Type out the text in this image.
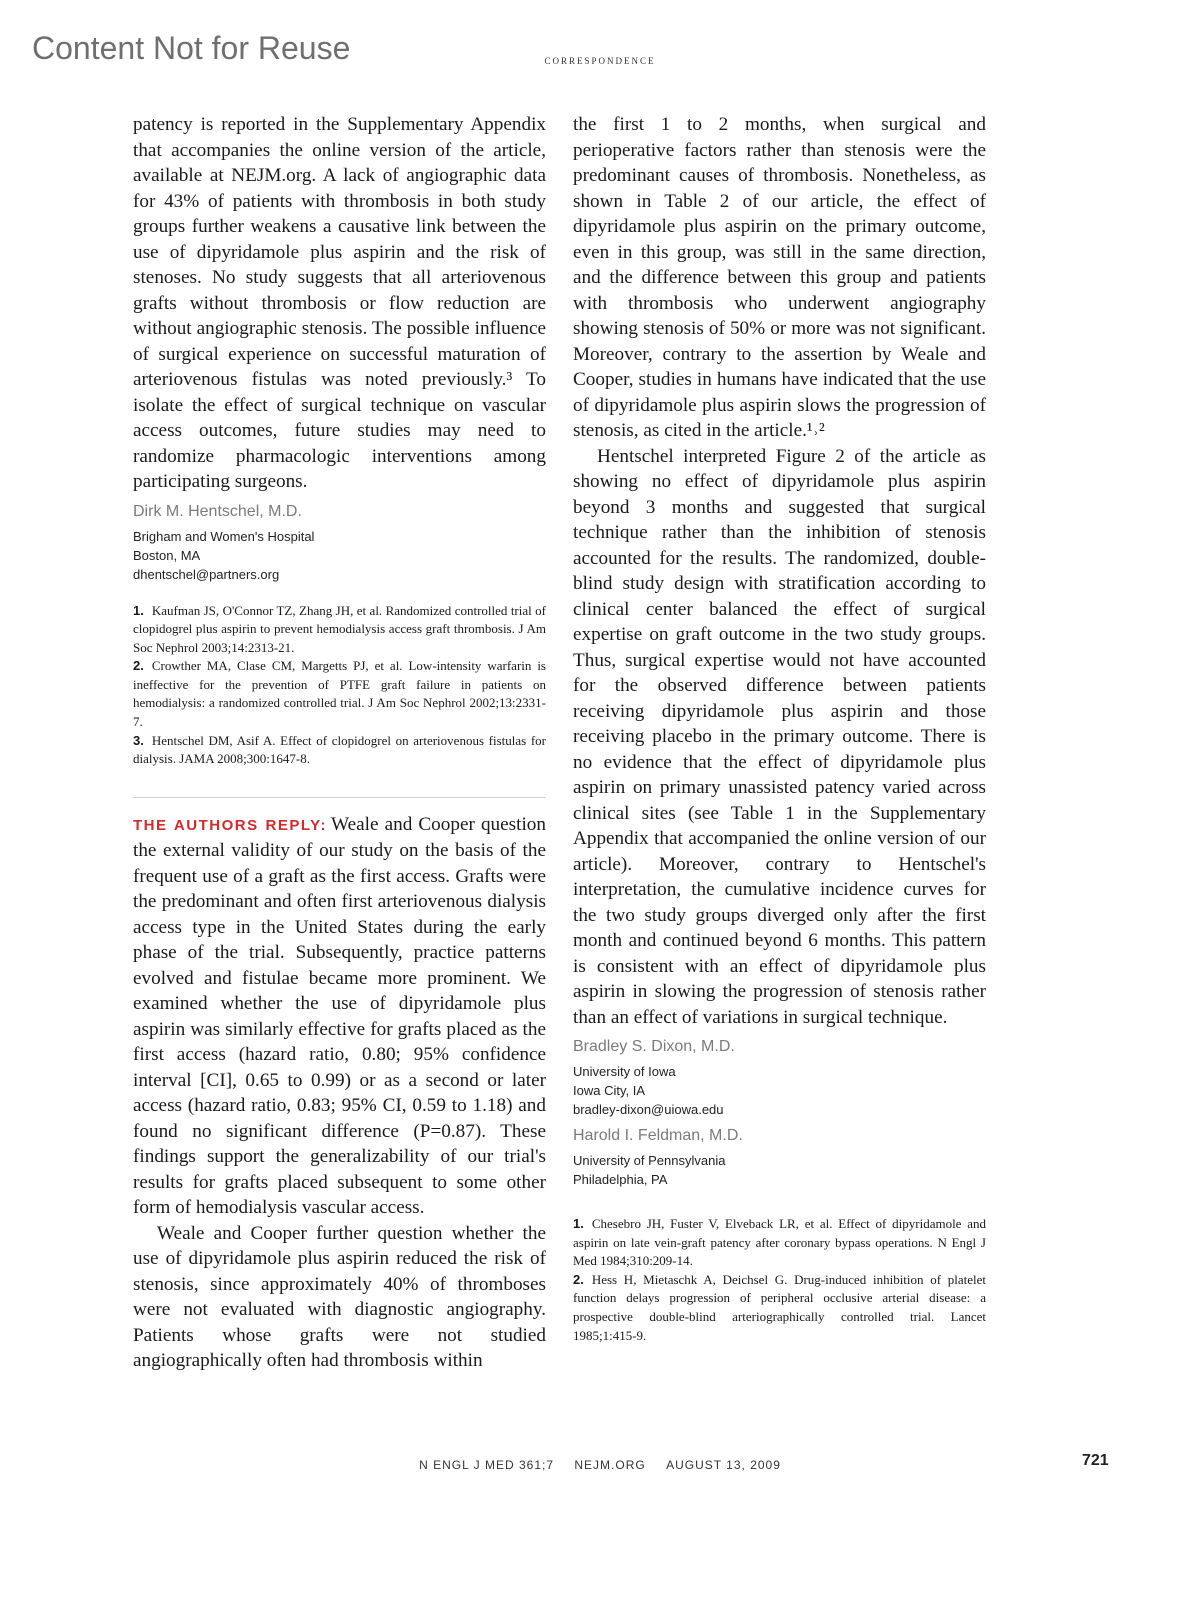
Content Not for Reuse	correspondence

patency is reported in the Supplementary Appendix that accompanies the online version of the article, available at NEJM.org. A lack of angiographic data for 43% of patients with thrombosis in both study groups further weakens a causative link between the use of dipyridamole plus aspirin and the risk of stenoses. No study suggests that all arteriovenous grafts without thrombosis or flow reduction are without angiographic stenosis. The possible influence of surgical experience on successful maturation of arteriovenous fistulas was noted previously.³ To isolate the effect of surgical technique on vascular access outcomes, future studies may need to randomize pharmacologic interventions among participating surgeons.

Dirk M. Hentschel, M.D.
Brigham and Women's Hospital
Boston, MA
dhentschel@partners.org

1. Kaufman JS, O'Connor TZ, Zhang JH, et al. Randomized controlled trial of clopidogrel plus aspirin to prevent hemodialysis access graft thrombosis. J Am Soc Nephrol 2003;14:2313-21.

2. Crowther MA, Clase CM, Margetts PJ, et al. Low-intensity warfarin is ineffective for the prevention of PTFE graft failure in patients on hemodialysis: a randomized controlled trial. J Am Soc Nephrol 2002;13:2331-7.

3. Hentschel DM, Asif A. Effect of clopidogrel on arteriovenous fistulas for dialysis. JAMA 2008;300:1647-8.

THE AUTHORS REPLY: Weale and Cooper question the external validity of our study on the basis of the frequent use of a graft as the first access. Grafts were the predominant and often first arteriovenous dialysis access type in the United States during the early phase of the trial. Subsequently, practice patterns evolved and fistulae became more prominent. We examined whether the use of dipyridamole plus aspirin was similarly effective for grafts placed as the first access (hazard ratio, 0.80; 95% confidence interval [CI], 0.65 to 0.99) or as a second or later access (hazard ratio, 0.83; 95% CI, 0.59 to 1.18) and found no significant difference (P=0.87). These findings support the generalizability of our trial's results for grafts placed subsequent to some other form of hemodialysis vascular access.

Weale and Cooper further question whether the use of dipyridamole plus aspirin reduced the risk of stenosis, since approximately 40% of thromboses were not evaluated with diagnostic angiography. Patients whose grafts were not studied angiographically often had thrombosis within

the first 1 to 2 months, when surgical and perioperative factors rather than stenosis were the predominant causes of thrombosis. Nonetheless, as shown in Table 2 of our article, the effect of dipyridamole plus aspirin on the primary outcome, even in this group, was still in the same direction, and the difference between this group and patients with thrombosis who underwent angiography showing stenosis of 50% or more was not significant. Moreover, contrary to the assertion by Weale and Cooper, studies in humans have indicated that the use of dipyridamole plus aspirin slows the progression of stenosis, as cited in the article.¹˒²

Hentschel interpreted Figure 2 of the article as showing no effect of dipyridamole plus aspirin beyond 3 months and suggested that surgical technique rather than the inhibition of stenosis accounted for the results. The randomized, double-blind study design with stratification according to clinical center balanced the effect of surgical expertise on graft outcome in the two study groups. Thus, surgical expertise would not have accounted for the observed difference between patients receiving dipyridamole plus aspirin and those receiving placebo in the primary outcome. There is no evidence that the effect of dipyridamole plus aspirin on primary unassisted patency varied across clinical sites (see Table 1 in the Supplementary Appendix that accompanied the online version of our article). Moreover, contrary to Hentschel's interpretation, the cumulative incidence curves for the two study groups diverged only after the first month and continued beyond 6 months. This pattern is consistent with an effect of dipyridamole plus aspirin in slowing the progression of stenosis rather than an effect of variations in surgical technique.

Bradley S. Dixon, M.D.
University of Iowa
Iowa City, IA
bradley-dixon@uiowa.edu
Harold I. Feldman, M.D.
University of Pennsylvania
Philadelphia, PA

1. Chesebro JH, Fuster V, Elveback LR, et al. Effect of dipyridamole and aspirin on late vein-graft patency after coronary bypass operations. N Engl J Med 1984;310:209-14.

2. Hess H, Mietaschk A, Deichsel G. Drug-induced inhibition of platelet function delays progression of peripheral occlusive arterial disease: a prospective double-blind arteriographically controlled trial. Lancet 1985;1:415-9.

N ENGL J MED 361;7 NEJM.ORG AUGUST 13, 2009	721
